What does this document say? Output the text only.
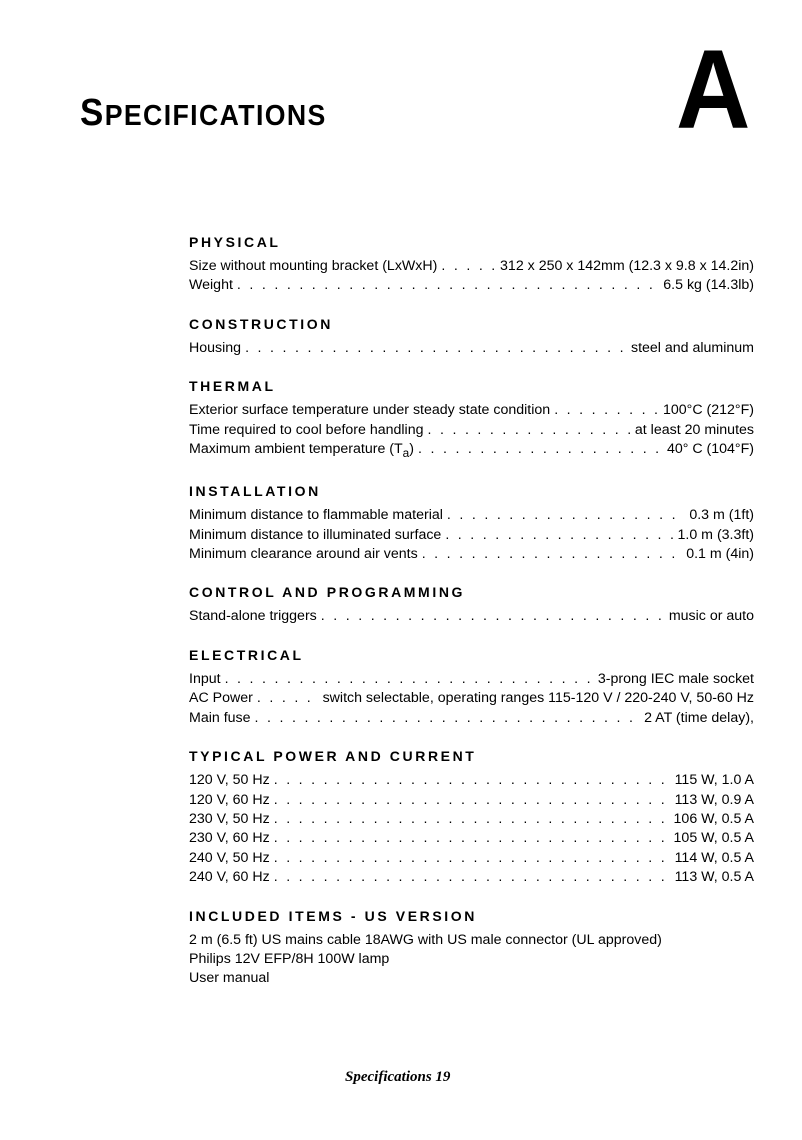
SPECIFICATIONS	A
PHYSICAL
Size without mounting bracket (LxWxH) . . .	312 x 250 x 142mm (12.3 x 9.8 x 14.2in)
Weight . . .	6.5 kg (14.3lb)
CONSTRUCTION
Housing . . .	steel and aluminum
THERMAL
Exterior surface temperature under steady state condition . . .	100°C (212°F)
Time required to cool before handling . . .	at least 20 minutes
Maximum ambient temperature $(T_a)$ . . .	40° C (104°F)
INSTALLATION
Minimum distance to flammable material . . .	0.3 m (1ft)
Minimum distance to illuminated surface . . .	1.0 m (3.3ft)
Minimum clearance around air vents . . .	0.1 m (4in)
CONTROL AND PROGRAMMING
Stand-alone triggers . . .	music or auto
ELECTRICAL
Input . . .	3-prong IEC male socket
AC Power . . .	switch selectable, operating ranges 115-120 V / 220-240 V, 50-60 Hz
Main fuse . . .	2 AT (time delay),
TYPICAL POWER AND CURRENT
120 V, 50 Hz . . .	115 W, 1.0 A
120 V, 60 Hz . . .	113 W, 0.9 A
230 V, 50 Hz . . .	106 W, 0.5 A
230 V, 60 Hz . . .	105 W, 0.5 A
240 V, 50 Hz . . .	114 W, 0.5 A
240 V, 60 Hz . . .	113 W, 0.5 A
INCLUDED ITEMS - US VERSION
2 m (6.5 ft) US mains cable 18AWG with US male connector (UL approved)
Philips 12V EFP/8H 100W lamp
User manual
Specifications 19
